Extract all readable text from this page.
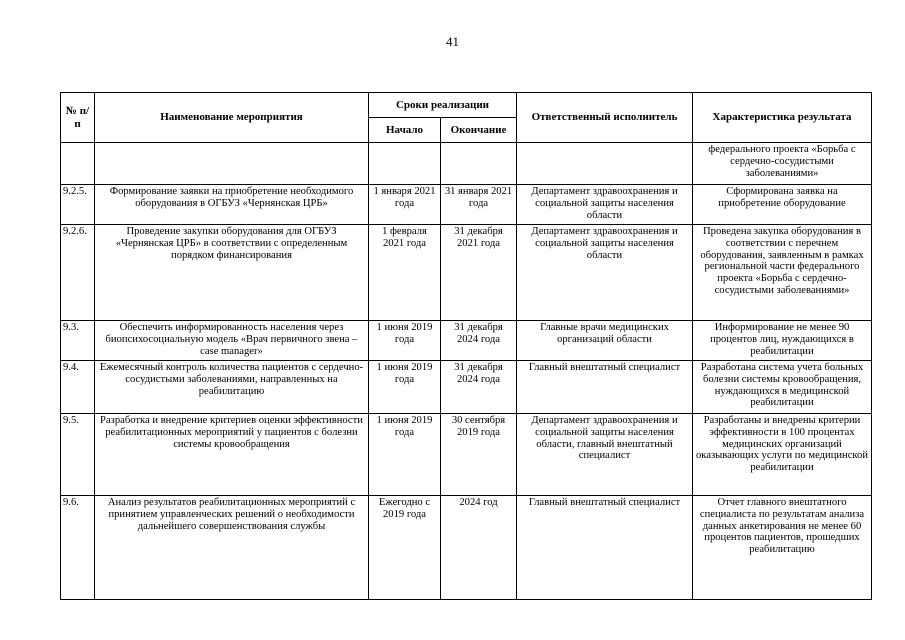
41
№ п/п	Наименование мероприятия	Сроки реализации		Ответственный исполнитель	Характеристика результата
		Начало	Окончание		
					федерального проекта «Борьба с сердечно-сосудистыми заболеваниями»
9.2.5.	Формирование заявки на приобретение необходимого оборудования в ОГБУЗ «Чернянская ЦРБ»	1 января 2021 года	31 января 2021 года	Департамент здравоохранения и социальной защиты населения области	Сформирована заявка на приобретение оборудование
9.2.6.	Проведение закупки оборудования для ОГБУЗ «Чернянская ЦРБ» в соответствии с определенным порядком финансирования	1 февраля 2021 года	31 декабря 2021 года	Департамент здравоохранения и социальной защиты населения области	Проведена закупка оборудования в соответствии с перечнем оборудования, заявленным в рамках региональной части федерального проекта «Борьба с сердечно-сосудистыми заболеваниями»
9.3.	Обеспечить информированность населения через биопсихосоциальную модель «Врач первичного звена – case manager»	1 июня 2019 года	31 декабря 2024 года	Главные врачи медицинских организаций области	Информирование не менее 90 процентов лиц, нуждающихся в реабилитации
9.4.	Ежемесячный контроль количества пациентов с сердечно-сосудистыми заболеваниями, направленных на реабилитацию	1 июня 2019 года	31 декабря 2024 года	Главный внештатный специалист	Разработана система учета больных болезни системы кровообращения, нуждающихся в медицинской реабилитации
9.5.	Разработка и внедрение критериев оценки эффективности реабилитационных мероприятий у пациентов с болезни системы кровообращения	1 июня 2019 года	30 сентября 2019 года	Департамент здравоохранения и социальной защиты населения области, главный внештатный специалист	Разработаны и внедрены критерии эффективности в 100 процентах медицинских организаций оказывающих услуги по медицинской реабилитации
9.6.	Анализ результатов реабилитационных мероприятий с принятием управленческих решений о необходимости дальнейшего совершенствования службы	Ежегодно с 2019 года	2024 год	Главный внештатный специалист	Отчет главного внештатного специалиста по результатам анализа данных анкетирования не менее 60 процентов пациентов, прошедших реабилитацию
